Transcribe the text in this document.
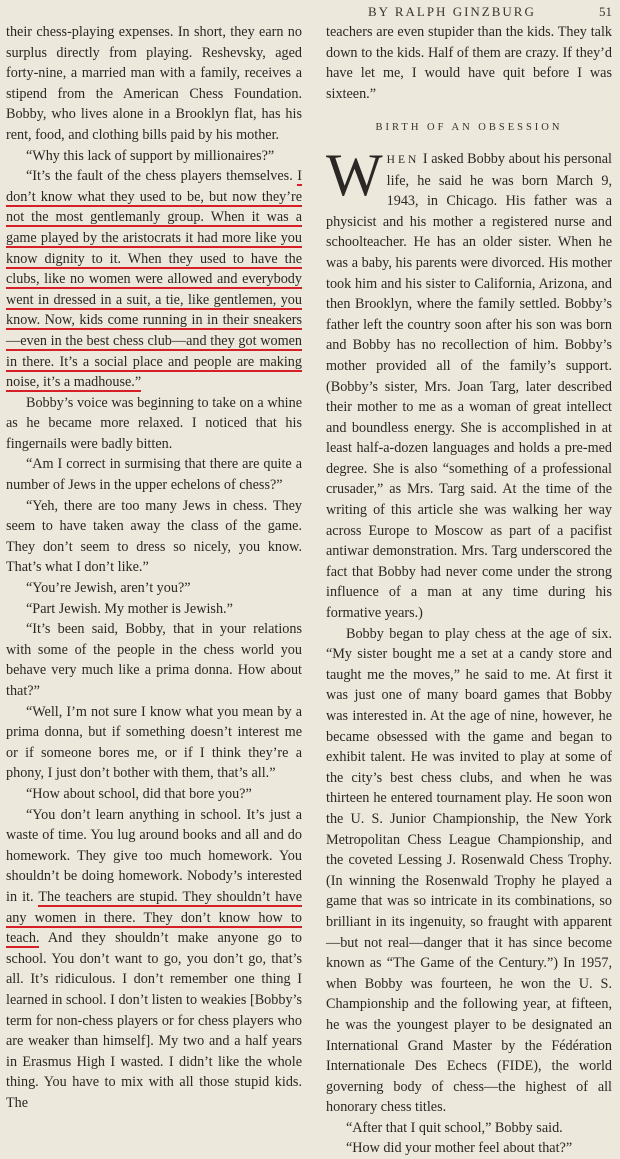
BY RALPH GINZBURG	51

their chess-playing expenses. In short, they earn no surplus directly from playing. Reshevsky, aged forty-nine, a married man with a family, receives a stipend from the American Chess Foundation. Bobby, who lives alone in a Brooklyn flat, has his rent, food, and clothing bills paid by his mother.

“Why this lack of support by millionaires?”

“It’s the fault of the chess players themselves. I don’t know what they used to be, but now they’re not the most gentlemanly group. When it was a game played by the aristocrats it had more like you know dignity to it. When they used to have the clubs, like no women were allowed and everybody went in dressed in a suit, a tie, like gentlemen, you know. Now, kids come running in in their sneakers—even in the best chess club—and they got women in there. It’s a social place and people are making noise, it’s a madhouse.”

Bobby’s voice was beginning to take on a whine as he became more relaxed. I noticed that his fingernails were badly bitten.

“Am I correct in surmising that there are quite a number of Jews in the upper echelons of chess?”

“Yeh, there are too many Jews in chess. They seem to have taken away the class of the game. They don’t seem to dress so nicely, you know. That’s what I don’t like.”

“You’re Jewish, aren’t you?”

“Part Jewish. My mother is Jewish.”

“It’s been said, Bobby, that in your relations with some of the people in the chess world you behave very much like a prima donna. How about that?”

“Well, I’m not sure I know what you mean by a prima donna, but if something doesn’t interest me or if someone bores me, or if I think they’re a phony, I just don’t bother with them, that’s all.”

“How about school, did that bore you?”

“You don’t learn anything in school. It’s just a waste of time. You lug around books and all and do homework. They give too much homework. You shouldn’t be doing homework. Nobody’s interested in it. The teachers are stupid. They shouldn’t have any women in there. They don’t know how to teach. And they shouldn’t make anyone go to school. You don’t want to go, you don’t go, that’s all. It’s ridiculous. I don’t remember one thing I learned in school. I don’t listen to weakies [Bobby’s term for non-chess players or for chess players who are weaker than himself]. My two and a half years in Erasmus High I wasted. I didn’t like the whole thing. You have to mix with all those stupid kids. The

teachers are even stupider than the kids. They talk down to the kids. Half of them are crazy. If they’d have let me, I would have quit before I was sixteen.”

BIRTH OF AN OBSESSION

WHEN I asked Bobby about his personal life, he said he was born March 9, 1943, in Chicago. His father was a physicist and his mother a registered nurse and schoolteacher. He has an older sister. When he was a baby, his parents were divorced. His mother took him and his sister to California, Arizona, and then Brooklyn, where the family settled. Bobby’s father left the country soon after his son was born and Bobby has no recollection of him. Bobby’s mother provided all of the family’s support. (Bobby’s sister, Mrs. Joan Targ, later described their mother to me as a woman of great intellect and boundless energy. She is accomplished in at least half-a-dozen languages and holds a pre-med degree. She is also “something of a professional crusader,” as Mrs. Targ said. At the time of the writing of this article she was walking her way across Europe to Moscow as part of a pacifist antiwar demonstration. Mrs. Targ underscored the fact that Bobby had never come under the strong influence of a man at any time during his formative years.)

Bobby began to play chess at the age of six. “My sister bought me a set at a candy store and taught me the moves,” he said to me. At first it was just one of many board games that Bobby was interested in. At the age of nine, however, he became obsessed with the game and began to exhibit talent. He was invited to play at some of the city’s best chess clubs, and when he was thirteen he entered tournament play. He soon won the U. S. Junior Championship, the New York Metropolitan Chess League Championship, and the coveted Lessing J. Rosenwald Chess Trophy. (In winning the Rosenwald Trophy he played a game that was so intricate in its combinations, so brilliant in its ingenuity, so fraught with apparent—but not real—danger that it has since become known as “The Game of the Century.”) In 1957, when Bobby was fourteen, he won the U. S. Championship and the following year, at fifteen, he was the youngest player to be designated an International Grand Master by the Fédération Internationale Des Echecs (FIDE), the world governing body of chess—the highest of all honorary chess titles.

“After that I quit school,” Bobby said.

“How did your mother feel about that?”
